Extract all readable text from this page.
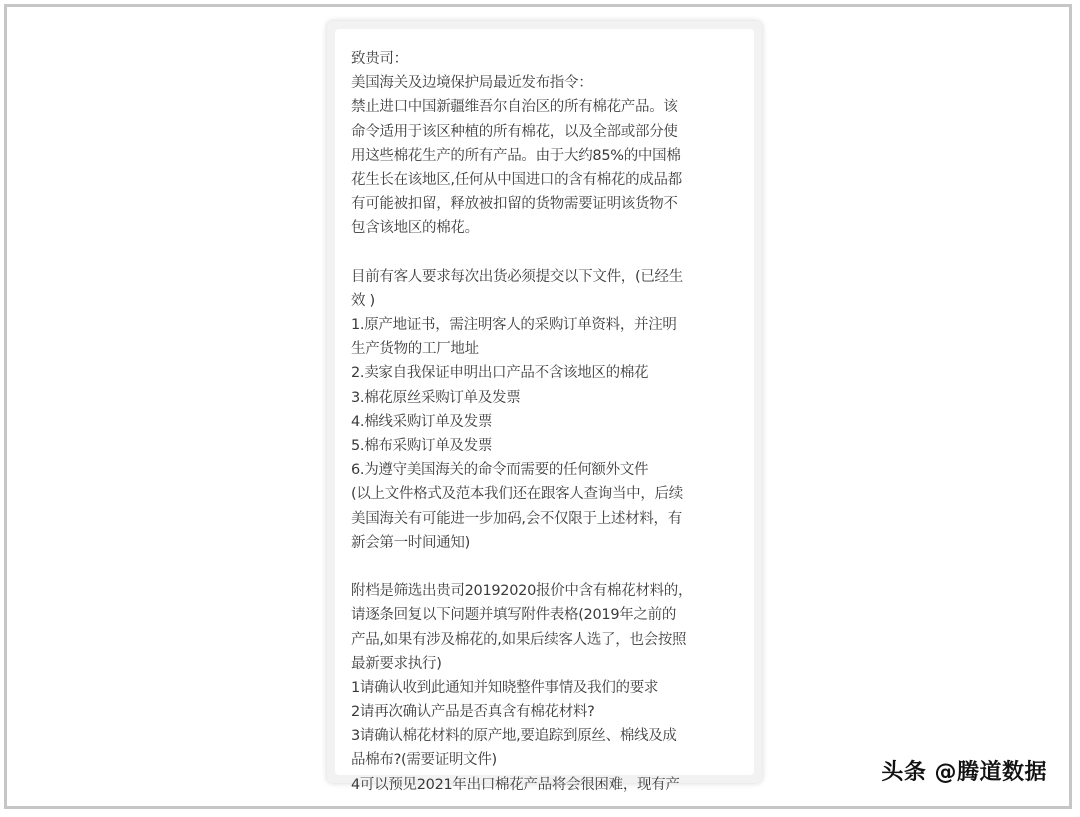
致贵司：
美国海关及边境保护局最近发布指令：
禁止进口中国新疆维吾尔自治区的所有棉花产品。该
命令适用于该区种植的所有棉花，以及全部或部分使
用这些棉花生产的所有产品。由于大约85%的中国棉
花生长在该地区,任何从中国进口的含有棉花的成品都
有可能被扣留，释放被扣留的货物需要证明该货物不
包含该地区的棉花。
目前有客人要求每次出货必须提交以下文件，(已经生
效 )
1.原产地证书，需注明客人的采购订单资料，并注明
生产货物的工厂地址
2.卖家自我保证申明出口产品不含该地区的棉花
3.棉花原丝采购订单及发票
4.棉线采购订单及发票
5.棉布采购订单及发票
6.为遵守美国海关的命令而需要的任何额外文件
(以上文件格式及范本我们还在跟客人查询当中，后续
美国海关有可能进一步加码,会不仅限于上述材料，有
新会第一时间通知)
附档是筛选出贵司20192020报价中含有棉花材料的，
请逐条回复以下问题并填写附件表格(2019年之前的
产品,如果有涉及棉花的,如果后续客人选了，也会按照
最新要求执行)
1请确认收到此通知并知晓整件事情及我们的要求
2请再次确认产品是否真含有棉花材料?
3请确认棉花材料的原产地,要追踪到原丝、棉线及成
品棉布?(需要证明文件)
4可以预见2021年出口棉花产品将会很困难，现有产	头条 @腾道数据
